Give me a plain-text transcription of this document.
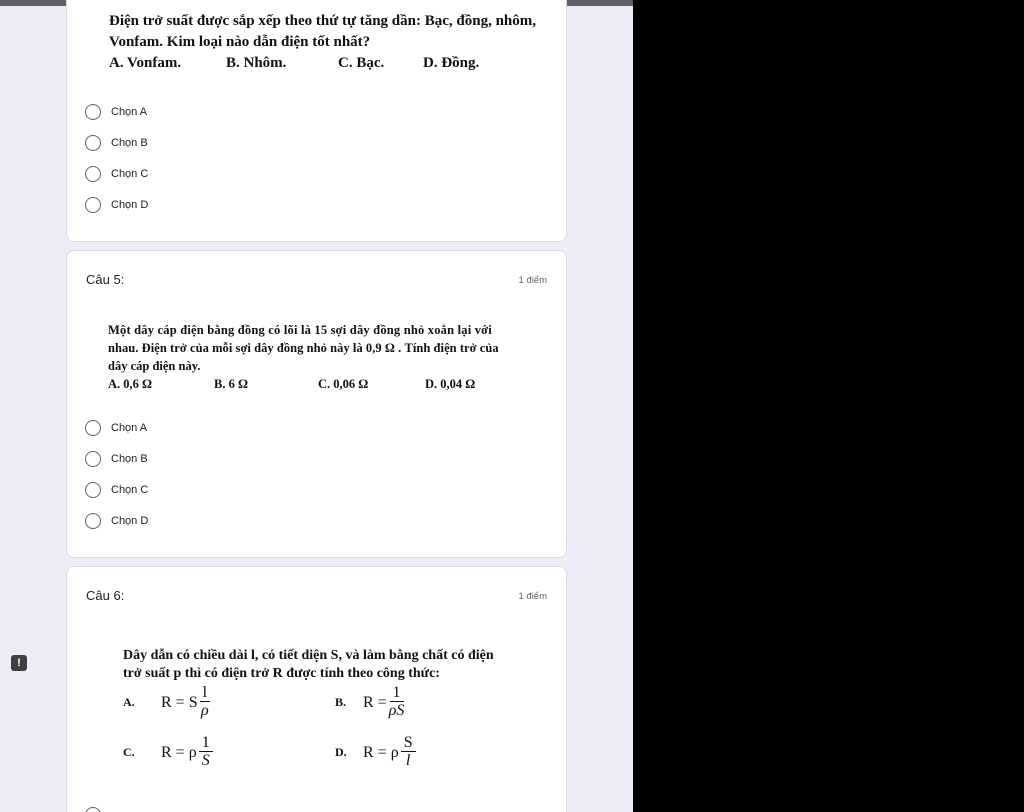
Điện trở suất được sắp xếp theo thứ tự tăng dần: Bạc, đồng, nhôm,
Vonfam. Kim loại nào dẫn điện tốt nhất?
A. Vonfam.	B. Nhôm.	C. Bạc.	D. Đồng.
Chọn A
Chọn B
Chọn C
Chọn D
Câu 5:	1 điểm
Một dây cáp điện bằng đồng có lõi là 15 sợi dây đồng nhỏ xoắn lại với
nhau. Điện trở của mỗi sợi dây đồng nhỏ này là 0,9 Ω . Tính điện trở của
dây cáp điện này.
A. 0,6 Ω	B. 6 Ω	C. 0,06 Ω	D. 0,04 Ω
Chọn A
Chọn B
Chọn C
Chọn D
Câu 6:	1 điểm
Dây dẫn có chiều dài l, có tiết diện S, và làm bằng chất có điện
trở suất p thì có điện trở R được tính theo công thức:
A.	R = S $\frac{l}{\rho}$	B.	$R = \frac{1}{\rho S}$
C.	R = ρ $\frac{1}{S}$	D.	R = ρ $\frac{S}{l}$
!
